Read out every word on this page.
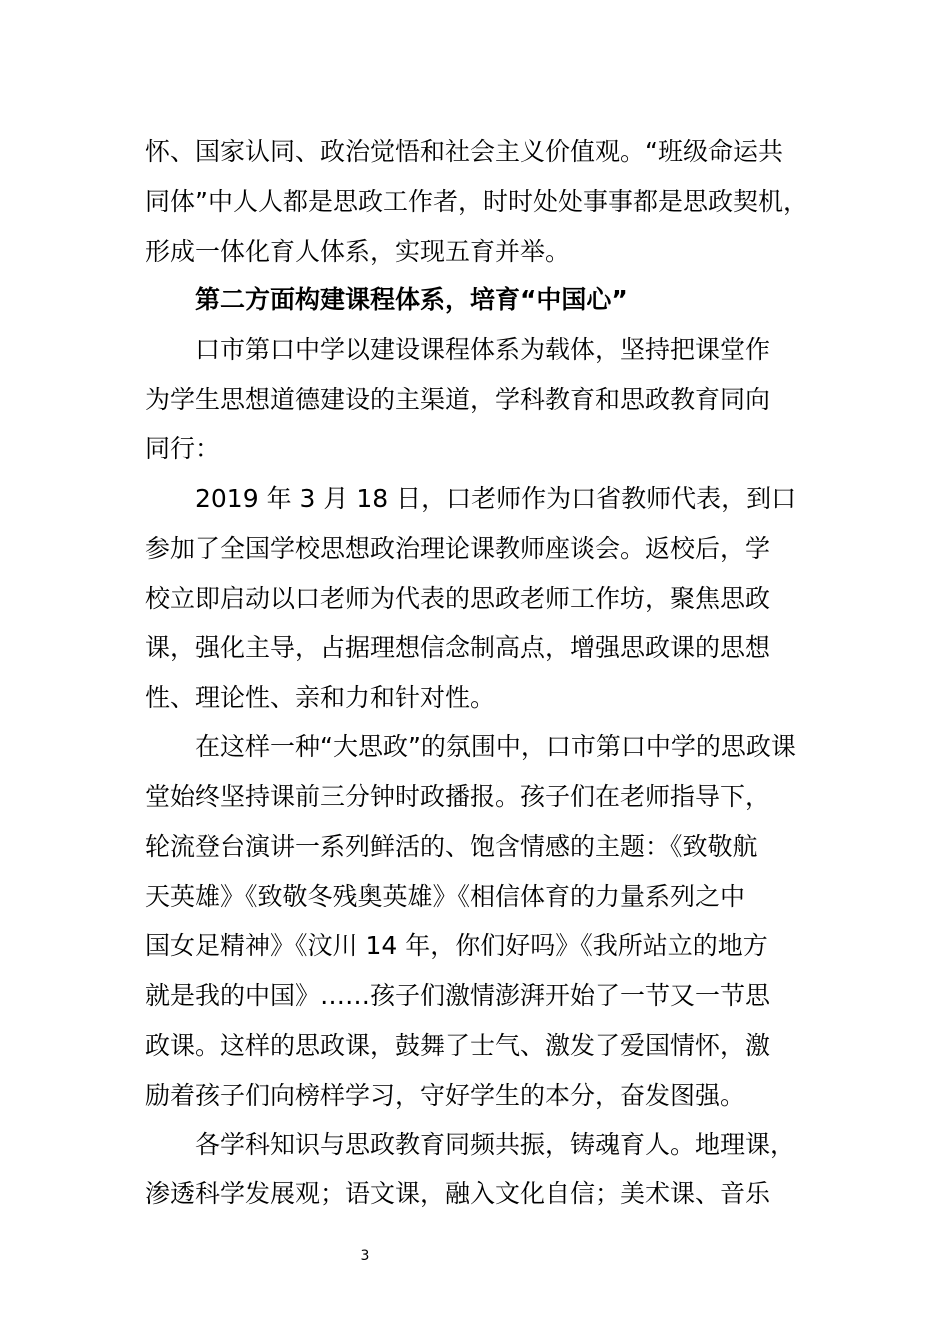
怀、国家认同、政治觉悟和社会主义价值观。“班级命运共

同体”中人人都是思政工作者，时时处处事事都是思政契机，

形成一体化育人体系，实现五育并举。

第二方面构建课程体系，培育“中国心”

口市第口中学以建设课程体系为载体，坚持把课堂作

为学生思想道德建设的主渠道，学科教育和思政教育同向

同行：

2019 年 3 月 18 日，口老师作为口省教师代表，到口

参加了全国学校思想政治理论课教师座谈会。返校后，学

校立即启动以口老师为代表的思政老师工作坊，聚焦思政

课，强化主导，占据理想信念制高点，增强思政课的思想

性、理论性、亲和力和针对性。

在这样一种“大思政”的氛围中，口市第口中学的思政课

堂始终坚持课前三分钟时政播报。孩子们在老师指导下，

轮流登台演讲一系列鲜活的、饱含情感的主题：《致敬航

天英雄》《致敬冬残奥英雄》《相信体育的力量系列之中

国女足精神》《汶川 14 年，你们好吗》《我所站立的地方

就是我的中国》……孩子们激情澎湃开始了一节又一节思

政课。这样的思政课，鼓舞了士气、激发了爱国情怀，激

励着孩子们向榜样学习，守好学生的本分，奋发图强。

各学科知识与思政教育同频共振，铸魂育人。地理课，

渗透科学发展观；语文课，融入文化自信；美术课、音乐

3
